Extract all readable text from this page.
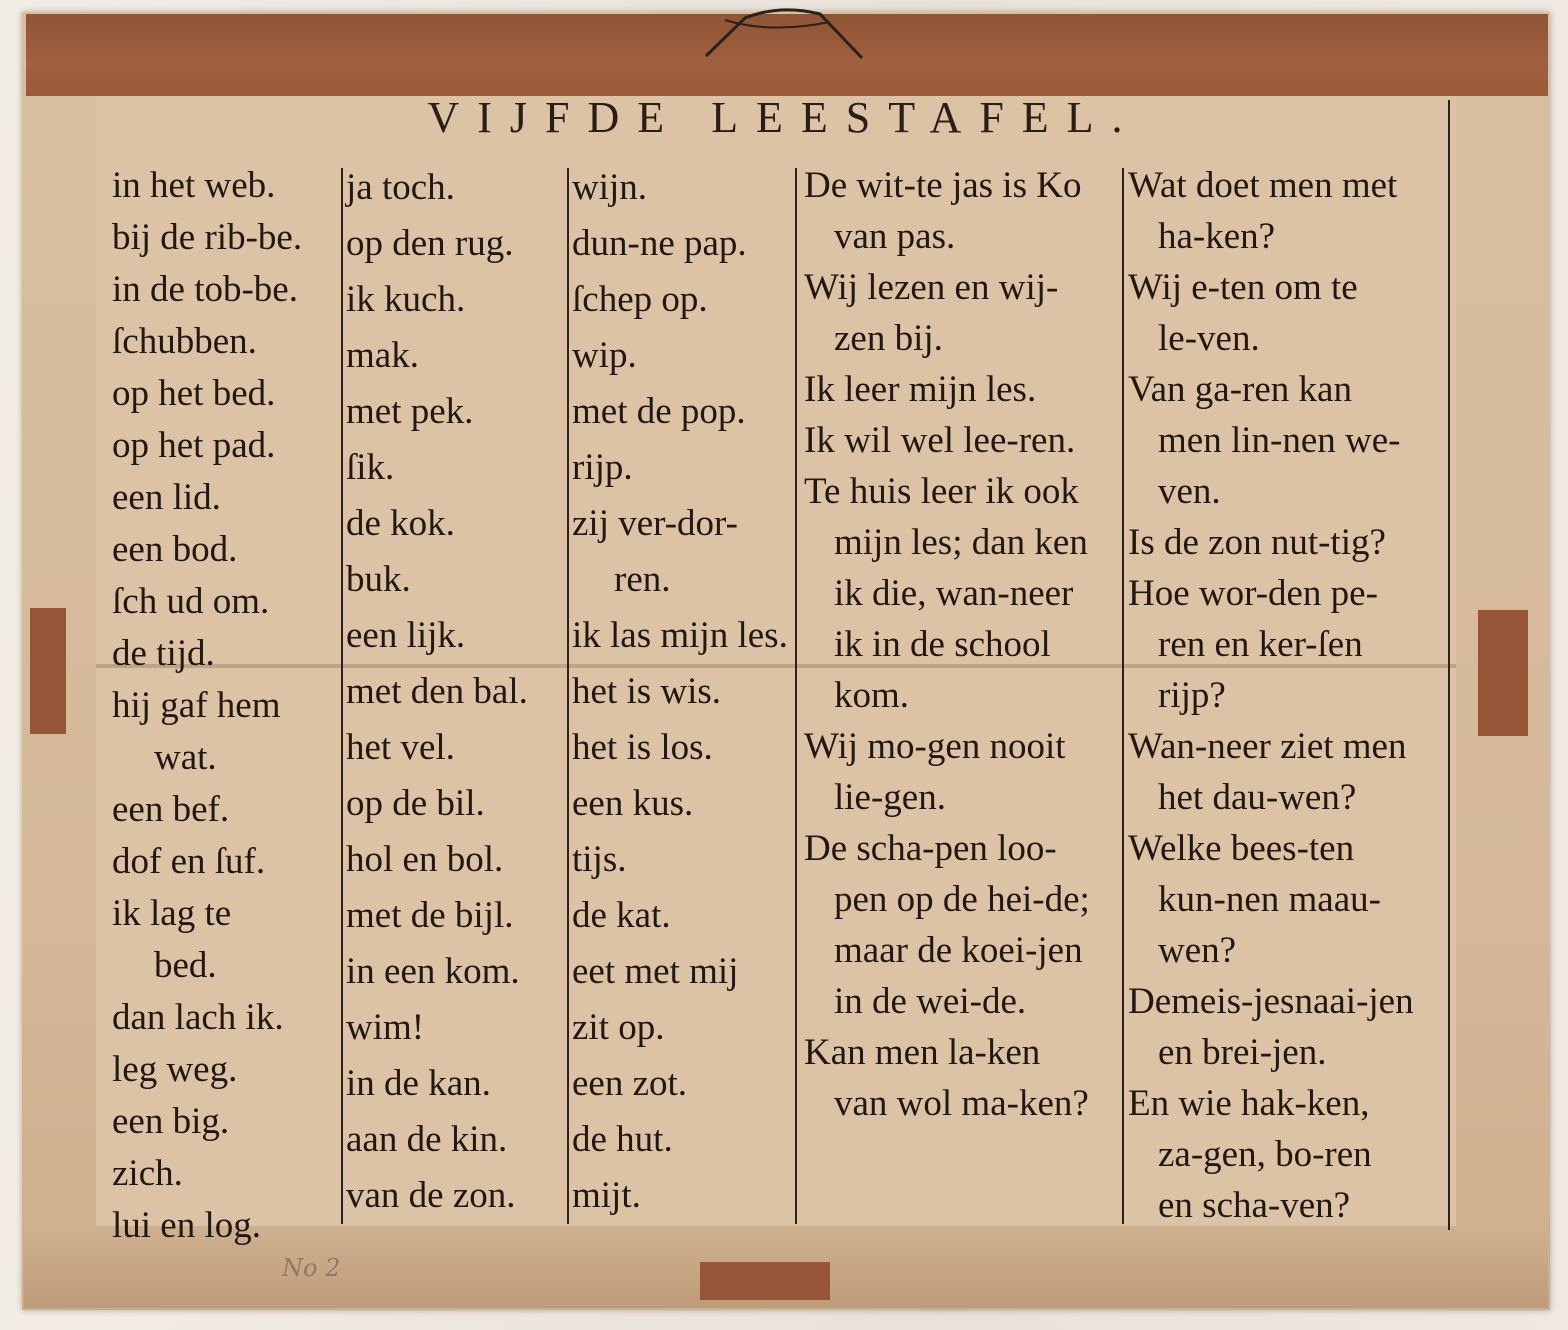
VIJFDE LEESTAFEL.
in het web.
bij de rib-be.
in de tob-be.
ſchubben.
op het bed.
op het pad.
een lid.
een bod.
ſch ud om.
de tijd.
hij gaf hem
wat.
een bef.
dof en ſuf.
ik lag te
bed.
dan lach ik.
leg weg.
een big.
zich.
lui en log.
ja toch.
op den rug.
ik kuch.
mak.
met pek.
ſik.
de kok.
buk.
een lijk.
met den bal.
het vel.
op de bil.
hol en bol.
met de bijl.
in een kom.
wim!
in de kan.
aan de kin.
van de zon.
wijn.
dun-ne pap.
ſchep op.
wip.
met de pop.
rijp.
zij ver-dor-
ren.
ik las mijn les.
het is wis.
het is los.
een kus.
tijs.
de kat.
eet met mij
zit op.
een zot.
de hut.
mijt.
De wit-te jas is Ko
van pas.
Wij lezen en wij-
zen bij.
Ik leer mijn les.
Ik wil wel lee-ren.
Te huis leer ik ook
mijn les; dan ken
ik die, wan-neer
ik in de school
kom.
Wij mo-gen nooit
lie-gen.
De scha-pen loo-
pen op de hei-de;
maar de koei-jen
in de wei-de.
Kan men la-ken
van wol ma-ken?
Wat doet men met
ha-ken?
Wij e-ten om te
le-ven.
Van ga-ren kan
men lin-nen we-
ven.
Is de zon nut-tig?
Hoe wor-den pe-
ren en ker-ſen
rijp?
Wan-neer ziet men
het dau-wen?
Welke bees-ten
kun-nen maau-
wen?
Demeis-jesnaai-jen
en brei-jen.
En wie hak-ken,
za-gen, bo-ren
en scha-ven?
No 2
